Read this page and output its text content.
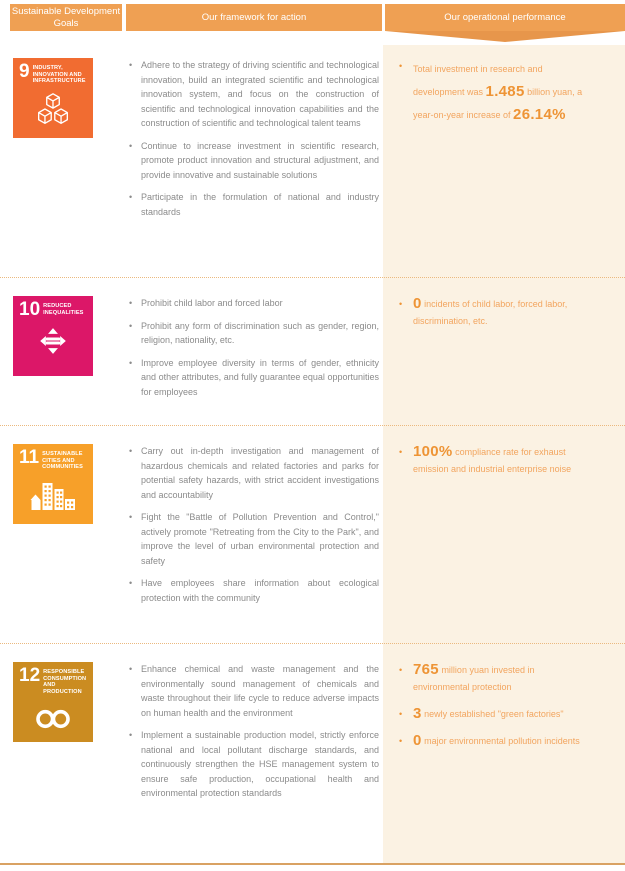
Sustainable Development Goals
Our framework for action	Our operational performance
9 INDUSTRY, INNOVATION AND INFRASTRUCTURE
• Adhere to the strategy of driving scientific and technological innovation, build an integrated scientific and technological innovation system, and focus on the construction of scientific and technological innovation capabilities and the construction of scientific and technological talent teams
• Continue to increase investment in scientific research, promote product innovation and structural adjustment, and provide innovative and sustainable solutions
• Participate in the formulation of national and industry standards
•	Total investment in research and development was 1.485 billion yuan, a year-on-year increase of 26.14%
10 REDUCED INEQUALITIES
• Prohibit child labor and forced labor
• Prohibit any form of discrimination such as gender, region, religion, nationality, etc.
• Improve employee diversity in terms of gender, ethnicity and other attributes, and fully guarantee equal opportunities for employees
• 0 incidents of child labor, forced labor, discrimination, etc.
11 SUSTAINABLE CITIES AND COMMUNITIES
• Carry out in-depth investigation and management of hazardous chemicals and related factories and parks for potential safety hazards, with strict accident investigations and accountability
• Fight the "Battle of Pollution Prevention and Control," actively promote "Retreating from the City to the Park", and improve the level of urban environmental protection and safety
• Have employees share information about ecological protection with the community
• 100% compliance rate for exhaust emission and industrial enterprise noise
12 RESPONSIBLE CONSUMPTION AND PRODUCTION
• Enhance chemical and waste management and the environmentally sound management of chemicals and waste throughout their life cycle to reduce adverse impacts on human health and the environment
• Implement a sustainable production model, strictly enforce national and local pollutant discharge standards, and continuously strengthen the HSE management system to ensure safe production, occupational health and environmental protection standards
• 765 million yuan invested in environmental protection
• 3 newly established "green factories"
• 0 major environmental pollution incidents
